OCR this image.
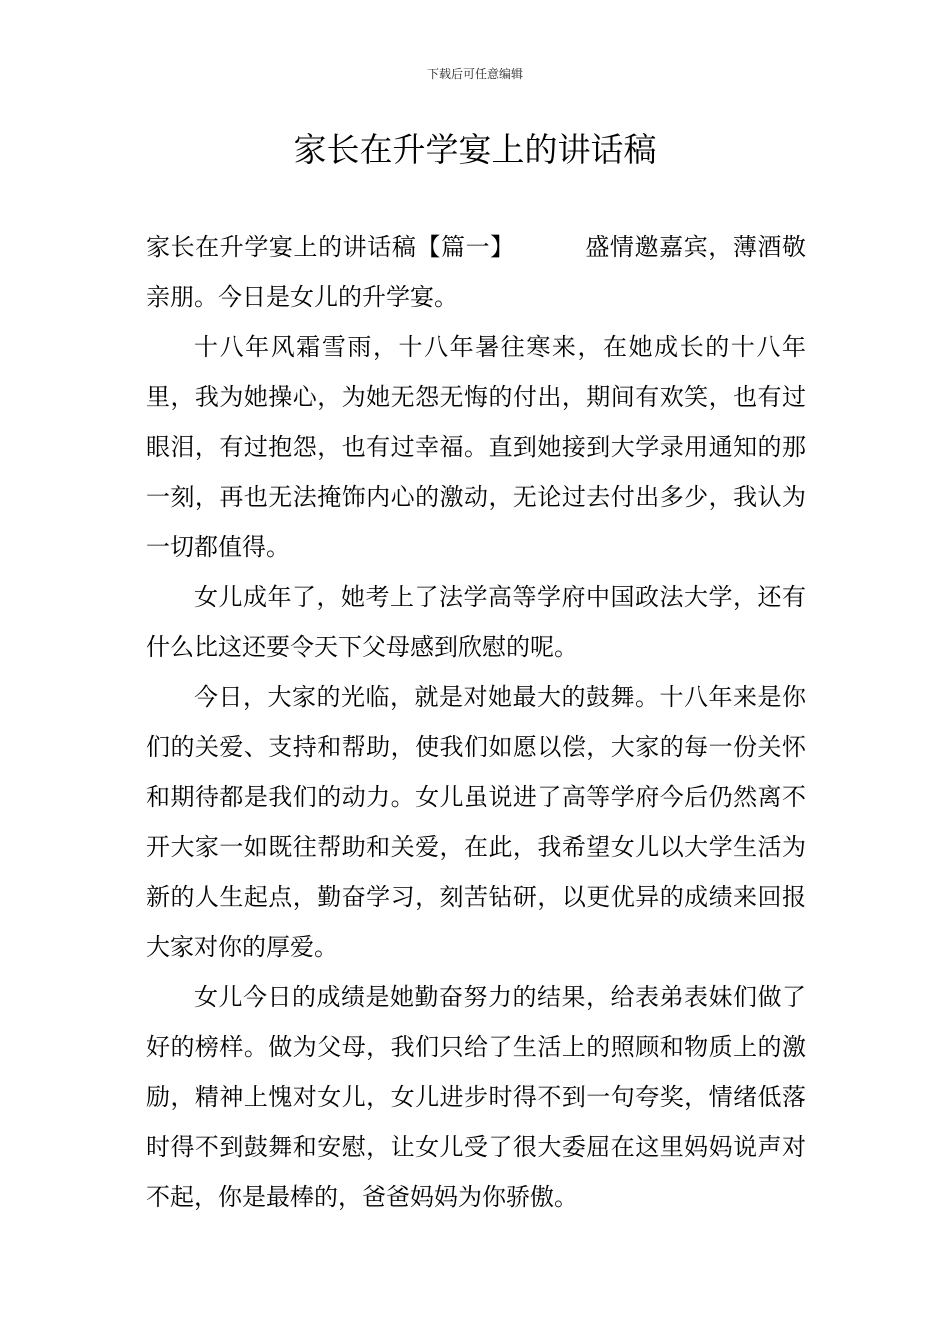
下载后可任意编辑
家长在升学宴上的讲话稿

家长在升学宴上的讲话稿【篇一】	盛情邀嘉宾，薄酒敬亲朋。今日是女儿的升学宴。

十八年风霜雪雨，十八年暑往寒来，在她成长的十八年里，我为她操心，为她无怨无悔的付出，期间有欢笑，也有过眼泪，有过抱怨，也有过幸福。直到她接到大学录用通知的那一刻，再也无法掩饰内心的激动，无论过去付出多少，我认为一切都值得。

女儿成年了，她考上了法学高等学府中国政法大学，还有什么比这还要令天下父母感到欣慰的呢。

今日，大家的光临，就是对她最大的鼓舞。十八年来是你们的关爱、支持和帮助，使我们如愿以偿，大家的每一份关怀和期待都是我们的动力。女儿虽说进了高等学府今后仍然离不开大家一如既往帮助和关爱，在此，我希望女儿以大学生活为新的人生起点，勤奋学习，刻苦钻研，以更优异的成绩来回报大家对你的厚爱。

女儿今日的成绩是她勤奋努力的结果，给表弟表妹们做了好的榜样。做为父母，我们只给了生活上的照顾和物质上的激励，精神上愧对女儿，女儿进步时得不到一句夸奖，情绪低落时得不到鼓舞和安慰，让女儿受了很大委屈在这里妈妈说声对不起，你是最棒的，爸爸妈妈为你骄傲。
